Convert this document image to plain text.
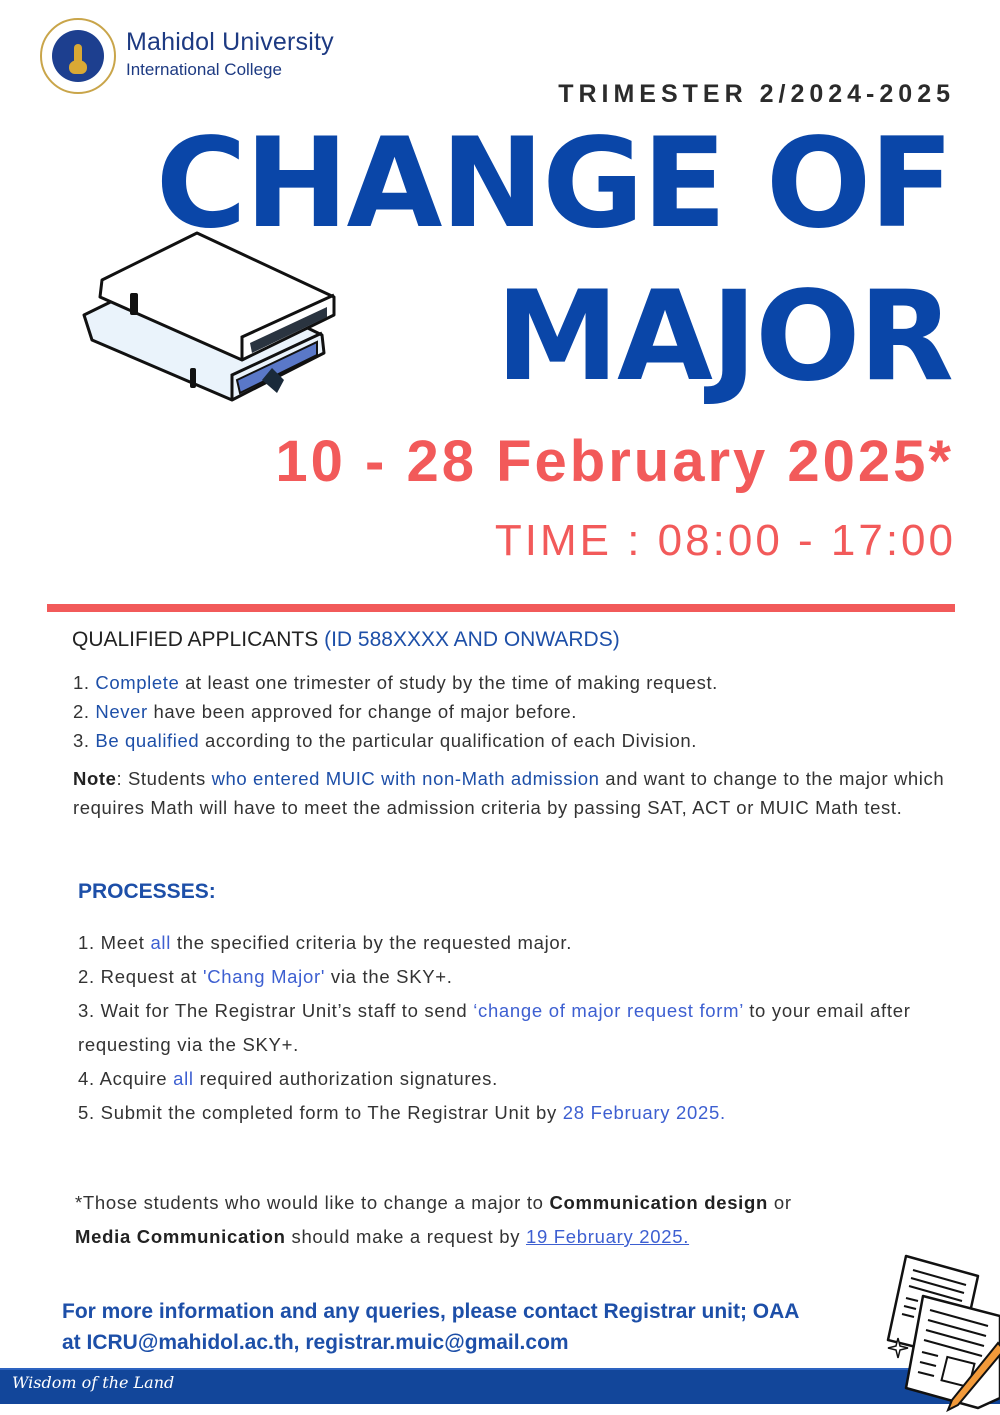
Mahidol University
International College
TRIMESTER 2/2024-2025
CHANGE OF
MAJOR
10 - 28 February 2025*
TIME : 08:00 - 17:00
QUALIFIED APPLICANTS (ID 588XXXX AND ONWARDS)
1. Complete at least one trimester of study by the time of making request.
2. Never have been approved for change of major before.
3. Be qualified according to the particular qualification of each Division.
Note: Students who entered MUIC with non-Math admission and want to change to the major which requires Math will have to meet the admission criteria by passing SAT, ACT or MUIC Math test.
PROCESSES:
1. Meet all the specified criteria by the requested major.
2. Request at 'Chang Major' via the SKY+.
3. Wait for The Registrar Unit’s staff to send ‘change of major request form’ to your email after requesting via the SKY+.
4. Acquire all required authorization signatures.
5. Submit the completed form to The Registrar Unit by 28 February 2025.
*Those students who would like to change a major to Communication design or
Media Communication should make a request by 19 February 2025.
For more information and any queries, please contact Registrar unit; OAA
at ICRU@mahidol.ac.th, registrar.muic@gmail.com
Wisdom of the Land
